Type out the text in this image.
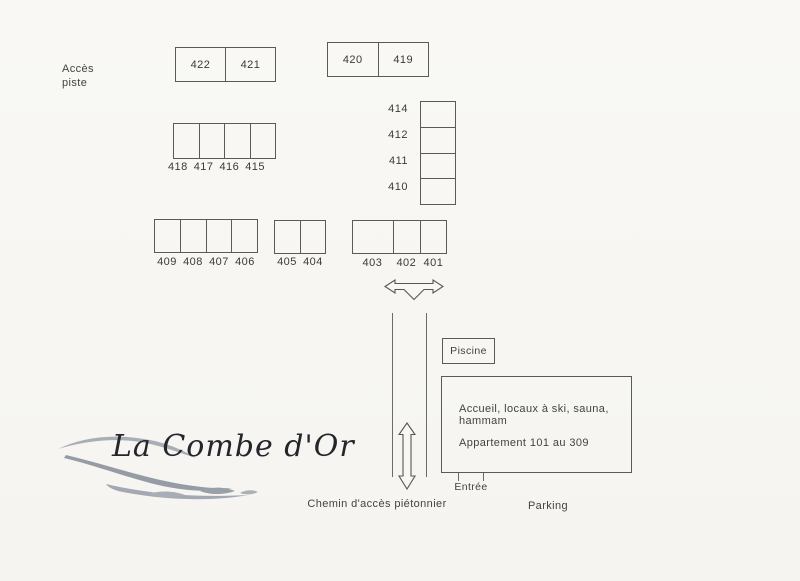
Accès
piste
422	421	420	419
414
412
411
410
418 417 416 415
409 408 407 406 405 404	403	402 401
Piscine
Accueil, locaux à ski, sauna, hammam
Appartement 101 au 309
Entrée
Chemin d'accès piétonnier	Parking
La Combe d'Or
